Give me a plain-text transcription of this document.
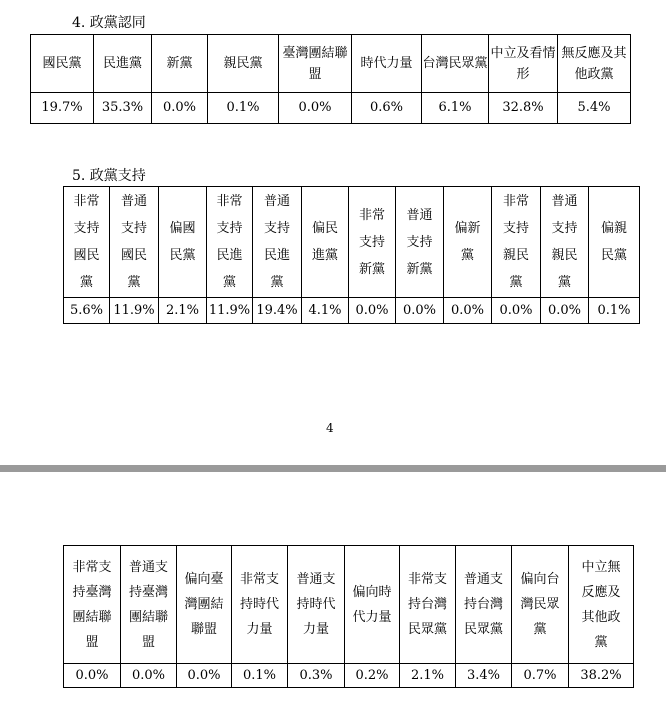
4. 政黨認同
國民黨	民進黨	新黨	親民黨	臺灣團結聯盟	時代力量	台灣民眾黨	中立及看情形	無反應及其他政黨

19.7%	35.3%	0.0%	0.1%	0.0%	0.6%	6.1%	32.8%	5.4%
5. 政黨支持
非常支持國民黨	普通支持國民黨	偏國民黨	非常支持民進黨	普通支持民進黨	偏民進黨	非常支持新黨	普通支持新黨	偏新黨	非常支持親民黨	普通支持親民黨	偏親民黨

5.6%	11.9%	2.1%	11.9%	19.4%	4.1%	0.0%	0.0%	0.0%	0.0%	0.0%	0.1%
4
非常支持臺灣團結聯盟	普通支持臺灣團結聯盟	偏向臺灣團結聯盟	非常支持時代力量	普通支持時代力量	偏向時代力量	非常支持台灣民眾黨	普通支持台灣民眾黨	偏向台灣民眾黨	中立無反應及其他政黨

0.0%	0.0%	0.0%	0.1%	0.3%	0.2%	2.1%	3.4%	0.7%	38.2%
